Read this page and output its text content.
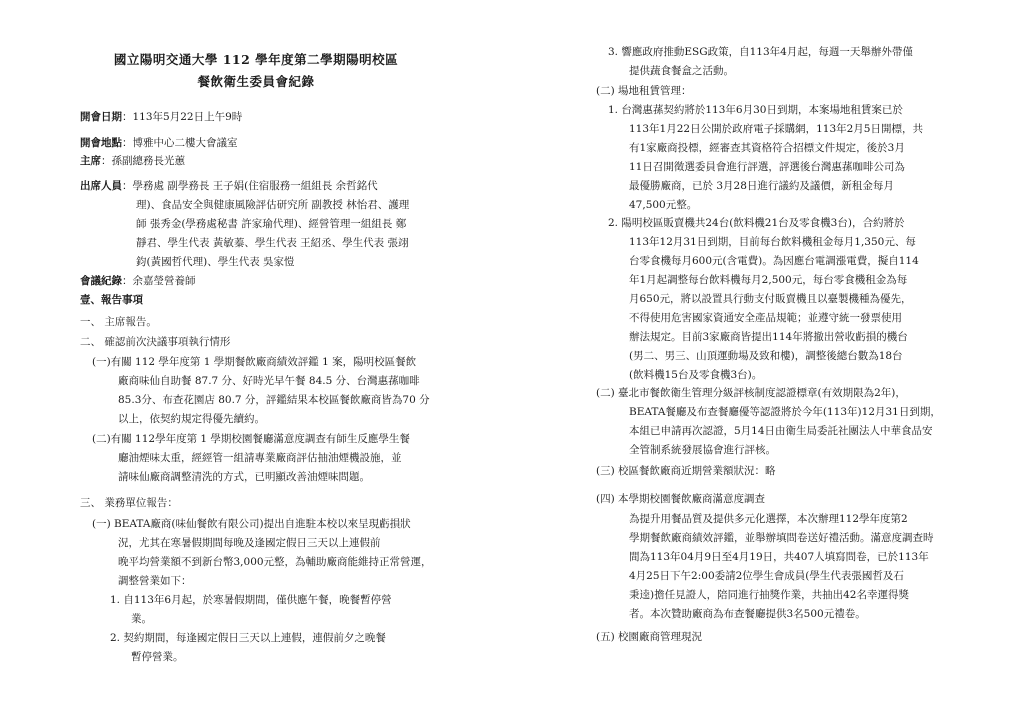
國立陽明交通大學 112 學年度第二學期陽明校區
餐飲衛生委員會紀錄
開會日期：113年5月22日上午9時
開會地點：博雅中心二樓大會議室
主席：孫副總務長光蕙
出席人員：學務處 副學務長 王子娟(住宿服務一組組長 余哲銘代
理)、食品安全與健康風險評估研究所 副教授 林怡君、護理
師 張秀金(學務處秘書 許家瑜代理)、經營管理一組組長 鄭
靜君、學生代表 黃敏蓁、學生代表 王紹丞、學生代表 張翊
鈞(黃國哲代理)、學生代表 吳家愷
會議紀錄：余嘉瑩營養師
壹、報告事項
一、 主席報告。
二、 確認前次決議事項執行情形
(一)有關 112 學年度第 1 學期餐飲廠商績效評鑑 1 案，陽明校區餐飲
廠商味仙自助餐 87.7 分、好時光早午餐 84.5 分、台灣惠蓀咖啡
85.3分、布查花園店 80.7 分，評鑑結果本校區餐飲廠商皆為70 分
以上，依契約規定得優先續約。
(二)有關 112學年度第 1 學期校園餐廳滿意度調查有師生反應學生餐
廳油煙味太重，經經管一組請專業廠商評估抽油煙機設施，並
請味仙廠商調整清洗的方式，已明顯改善油煙味問題。
三、 業務單位報告：
(一) BEATA廠商(味仙餐飲有限公司)提出自進駐本校以來呈現虧損狀
況，尤其在寒暑假期間每晚及逢國定假日三天以上連假前
晚平均營業額不到新台幣3,000元整，為輔助廠商能維持正常營運，
調整營業如下：
1. 自113年6月起，於寒暑假期間，僅供應午餐，晚餐暫停營
業。
2. 契約期間，每逢國定假日三天以上連假，連假前夕之晚餐
暫停營業。
3. 響應政府推動ESG政策，自113年4月起，每週一天舉辦外帶僅
提供蔬食餐盒之活動。
(二) 場地租賃管理：
1. 台灣惠蓀契約將於113年6月30日到期，本案場地租賃案已於
113年1月22日公開於政府電子採購網，113年2月5日開標，共
有1家廠商投標，經審查其資格符合招標文件規定，後於3月
11日召開徵選委員會進行評選，評選後台灣惠蓀咖啡公司為
最優勝廠商，已於 3月28日進行議約及議價，新租金每月
47,500元整。
2. 陽明校區販賣機共24台(飲料機21台及零食機3台)，合約將於
113年12月31日到期，目前每台飲料機租金每月1,350元、每
台零食機每月600元(含電費)。為因應台電調漲電費，擬自114
年1月起調整每台飲料機每月2,500元，每台零食機租金為每
月650元，將以設置具行動支付販賣機且以臺製機種為優先，
不得使用危害國家資通安全產品規範；並遵守統一發票使用
辦法規定。目前3家廠商皆提出114年將撤出營收虧損的機台
(男二、男三、山頂運動場及致和樓)，調整後總台數為18台
(飲料機15台及零食機3台)。
(二) 臺北市餐飲衛生管理分級評核制度認證標章(有效期限為2年)，
BEATA餐廳及布查餐廳優等認證將於今年(113年)12月31日到期，
本組已申請再次認證，5月14日由衛生局委託社團法人中華食品安
全管制系統發展協會進行評核。
(三) 校區餐飲廠商近期營業額狀況：略
(四) 本學期校園餐飲廠商滿意度調查
為提升用餐品質及提供多元化選擇，本次辦理112學年度第2
學期餐飲廠商績效評鑑，並舉辦填問卷送好禮活動。滿意度調查時
間為113年04月9日至4月19日，共407人填寫問卷，已於113年
4月25日下午2:00委請2位學生會成員(學生代表張國哲及石
秉逵)擔任見證人，陪同進行抽獎作業，共抽出42名幸運得獎
者。本次贊助廠商為布查餐廳提供3名500元禮卷。
(五) 校園廠商管理現況
